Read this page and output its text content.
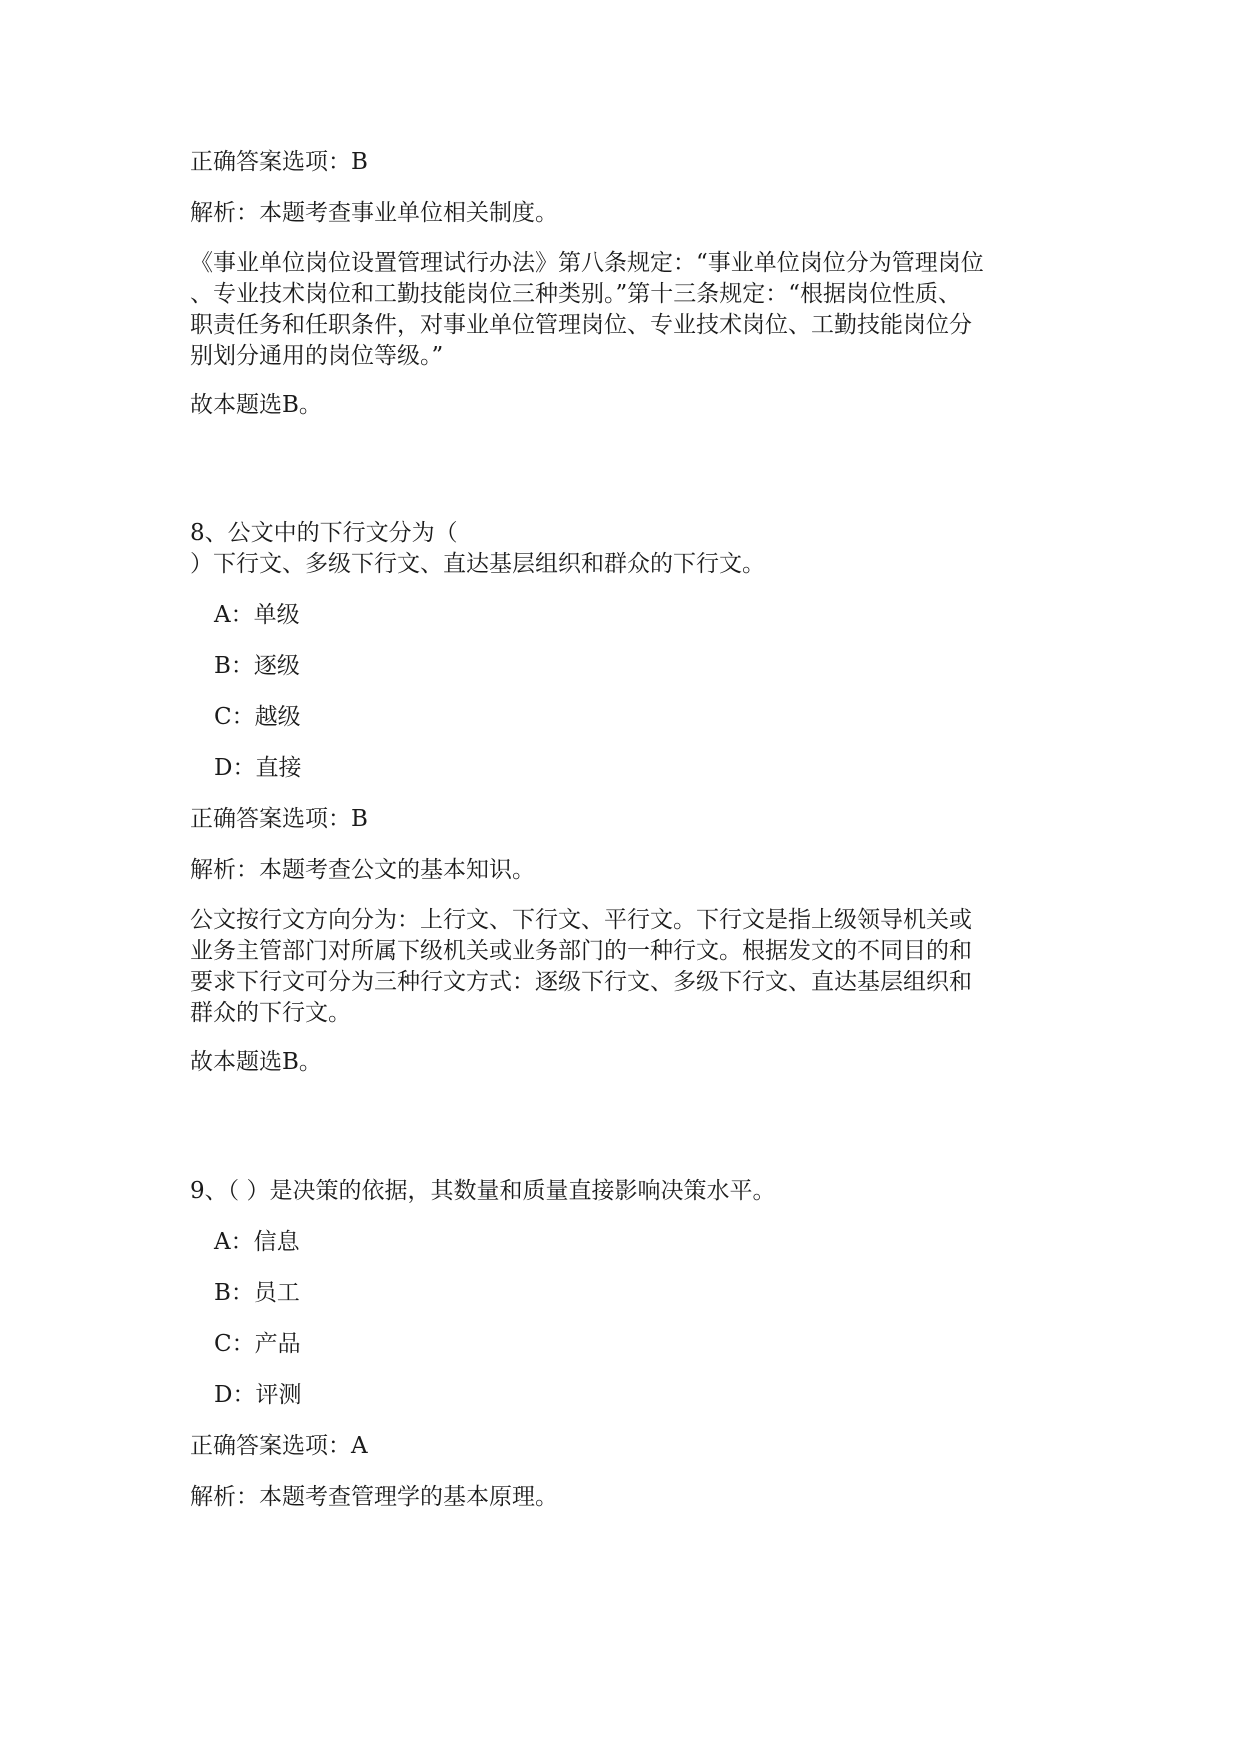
正确答案选项：B
解析：本题考查事业单位相关制度。
《事业单位岗位设置管理试行办法》第八条规定：“事业单位岗位分为管理岗位
、专业技术岗位和工勤技能岗位三种类别。”第十三条规定：“根据岗位性质、
职责任务和任职条件，对事业单位管理岗位、专业技术岗位、工勤技能岗位分
别划分通用的岗位等级。”
故本题选B。
8、公文中的下行文分为（
）下行文、多级下行文、直达基层组织和群众的下行文。
A：单级
B：逐级
C：越级
D：直接
正确答案选项：B
解析：本题考查公文的基本知识。
公文按行文方向分为：上行文、下行文、平行文。下行文是指上级领导机关或
业务主管部门对所属下级机关或业务部门的一种行文。根据发文的不同目的和
要求下行文可分为三种行文方式：逐级下行文、多级下行文、直达基层组织和
群众的下行文。
故本题选B。
9、（ ）是决策的依据，其数量和质量直接影响决策水平。
A：信息
B：员工
C：产品
D：评测
正确答案选项：A
解析：本题考查管理学的基本原理。
